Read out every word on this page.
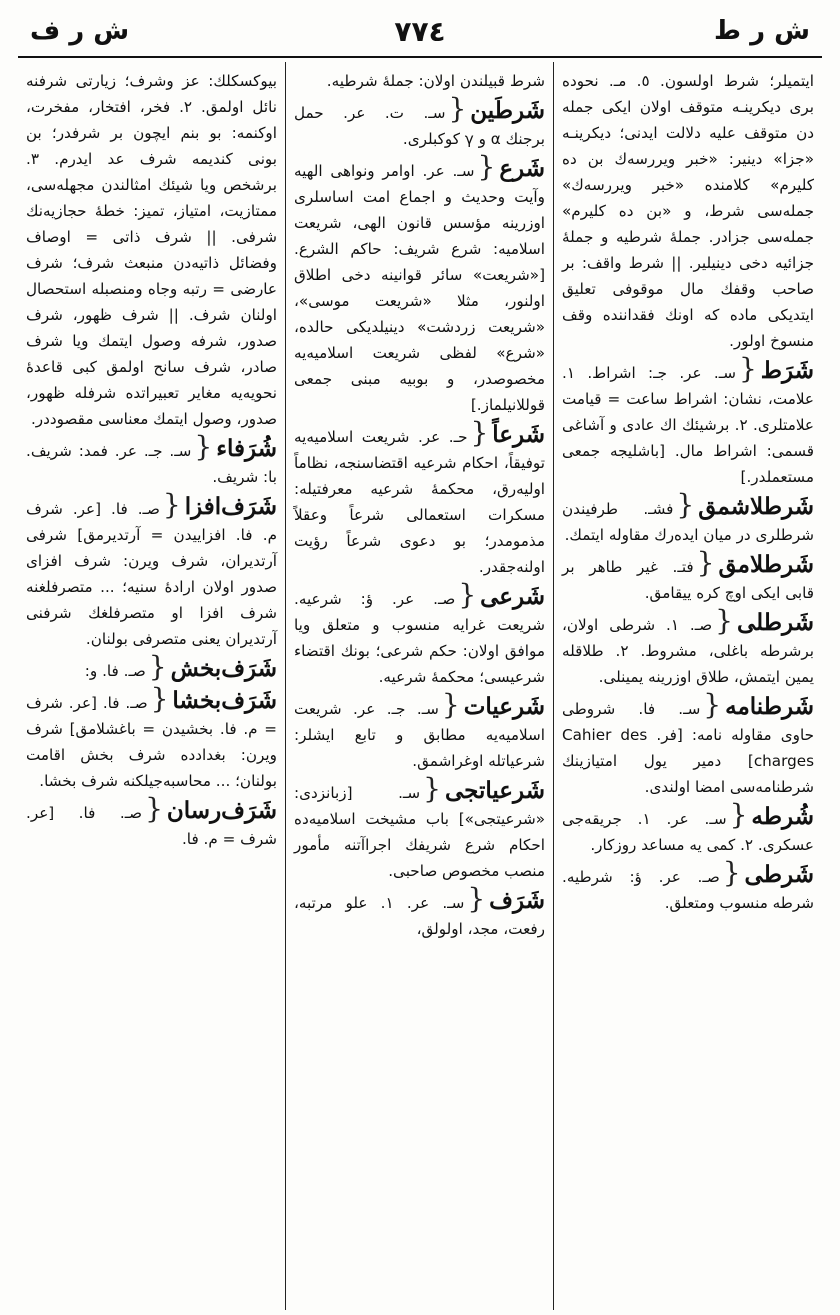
ش ر ط
٧٧٤
ش ر ف

ایتمیلر؛ شرط اولسون. ٥. مـ. نحوده بری دیكرینـه متوقف اولان ایكی جمله دن متوقف علیه دلالت ایدنی؛ دیكرینـه «جزا» دینیر: «خبر ویررسه‌ك بن ده كلیرم» كلامنده «خبر ویررسه‌ك» جمله‌سی شرط، و «بن ده كلیرم» جمله‌سی جزادر. جملهٔ شرطیه و جملهٔ جزائیه دخی دینیلیر. || شرط واقف: بر صاحب وقفك مال موقوفی تعلیق ایتدیكی ماده كه اونك فقداننده وقف منسوخ اولور.

شَرَط{سـ. عر. جـ: اشراط. ١. علامت، نشان: اشراط ساعت = قیامت علامتلری. ٢. برشیئك اك عادی و آشاغی قسمی: اشراط مال. [باشلیجه جمعی مستعملدر.]

شَرطلاشمق{فشـ. طرفیندن شرطلری در میان ایده‌رك مقاوله ایتمك.

شَرطلامق{فتـ. غیر طاهر بر قابی ایكی اوچ كره ییقامق.

شَرطلی{صـ. ١. شرطی اولان، برشرطه باغلی، مشروط. ٢. طلاقله یمین ایتمش، طلاق اوزرینه یمینلی.

شَرطنامه{سـ. فا. شروطی حاوی مقاوله نامه: [فر. Cahier des charges] دمیر یول امتیازینك شرطنامه‌سی امضا اولندی.

شُرطه{سـ. عر. ١. جریقه‌جی عسكری. ٢. كمی یه مساعد روزكار.

شَرطی{صـ. عر. ؤ: شرطیه. شرطه منسوب ومتعلق.

شرط قبیلندن اولان: جملهٔ شرطیه.

شَرطَین{سـ. ت. عر. حمل برجنك α و γ كوكبلری.

شَرع{سـ. عر. اوامر ونواهی الهیه وآیت وحدیث و اجماع امت اساسلری اوزرینه مؤسس قانون الهی، شریعت اسلامیه: شرع شریف: حاكم الشرع. [«شریعت» سائر قوانینه دخی اطلاق اولنور، مثلا «شریعت موسی»، «شریعت زردشت» دینیلدیكی حالده، «شرع» لفظی شریعت اسلامیه‌یه مخصوصدر، و بوبیه مبنی جمعی قوللانیلماز.]

شَرعاً{حـ. عر. شریعت اسلامیه‌یه توفیقاً، احكام شرعیه اقتضاسنجه، نظاماً اولیه‌رق، محكمهٔ شرعیه معرفتیله: مسكرات استعمالی شرعاً وعقلاً مذمومدر؛ بو دعوی شرعاً رؤیت اولنه‌جقدر.

شَرعی{صـ. عر. ؤ: شرعیه. شریعت غرایه منسوب و متعلق ویا موافق اولان: حكم شرعی؛ بونك اقتضاء شرعیسی؛ محكمهٔ شرعیه.

شَرعیات{سـ. جـ. عر. شریعت اسلامیه‌یه مطابق و تابع ایشلر: شرعیاتله اوغراشمق.

شَرعیاتجی{سـ. [زبانزدی: «شرعیتجی»] باب مشیخت اسلامیه‌ده احكام شرع شریفك اجراآتنه مأمور منصب مخصوص صاحبی.

شَرَف{سـ. عر. ١. علو مرتبه، رفعت، مجد، اولولق،

بیوكسكلك: عز وشرف؛ زیارتی شرفنه نائل اولمق. ٢. فخر، افتخار، مفخرت، اوكنمه: بو بنم ایچون بر شرفدر؛ بن بونی كندیمه شرف عد ایدرم. ٣. برشخص ویا شیئك امثالندن مجهله‌سی، ممتازیت، امتیاز، تمیز: خطهٔ حجازیه‌نك شرفی. || شرف ذاتی = اوصاف وفضائل ذاتیه‌دن منبعث شرف؛ شرف عارضی = رتبه وجاه ومنصبله استحصال اولنان شرف. || شرف ظهور، شرف صدور، شرفه وصول ایتمك ویا شرف صادر، شرف سانح اولمق كبی قاعدهٔ نحویه‌یه مغایر تعبیراتده شرفله ظهور، صدور، وصول ایتمك معناسی مقصوددر.

شُرَفاء{سـ. جـ. عر. فمد: شریف. با: شریف.

شَرَف‌افزا{صـ. فا. [عر. شرف م. فا. افزاییدن = آرتدیرمق] شرفی آرتدیران، شرف ویرن: شرف افزای صدور اولان ارادهٔ سنیه؛ ... متصرفلغنه شرف افزا او متصرفلغك شرفنی آرتدیران یعنی متصرفی بولنان.

شَرَف‌بخش{صـ. فا. و:

شَرَف‌بخشا{صـ. فا. [عر. شرف = م. فا. بخشیدن = باغشلامق] شرف ویرن: بغدادده شرف بخش اقامت بولنان؛ ... محاسبه‌جیلكنه شرف بخشا.

شَرَف‌رسان{صـ. فا. [عر. شرف = م. فا.
